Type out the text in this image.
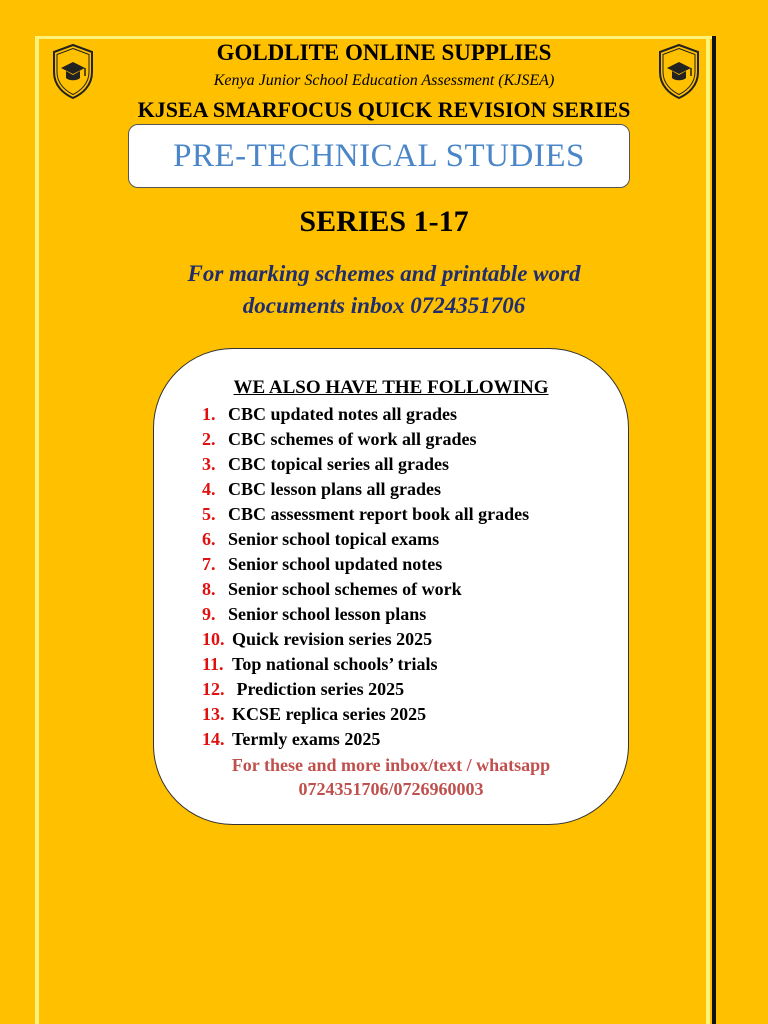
GOLDLITE ONLINE SUPPLIES
Kenya Junior School Education Assessment (KJSEA)
KJSEA SMARFOCUS QUICK REVISION SERIES
PRE-TECHNICAL STUDIES
SERIES 1-17
For marking schemes and printable word
documents inbox 0724351706
WE ALSO HAVE THE FOLLOWING
1. CBC updated notes all grades
2. CBC schemes of work all grades
3. CBC topical series all grades
4. CBC lesson plans all grades
5. CBC assessment report book all grades
6. Senior school topical exams
7. Senior school updated notes
8. Senior school schemes of work
9. Senior school lesson plans
10. Quick revision series 2025
11. Top national schools’ trials
12. Prediction series 2025
13. KCSE replica series 2025
14. Termly exams 2025
For these and more inbox/text / whatsapp
0724351706/0726960003
